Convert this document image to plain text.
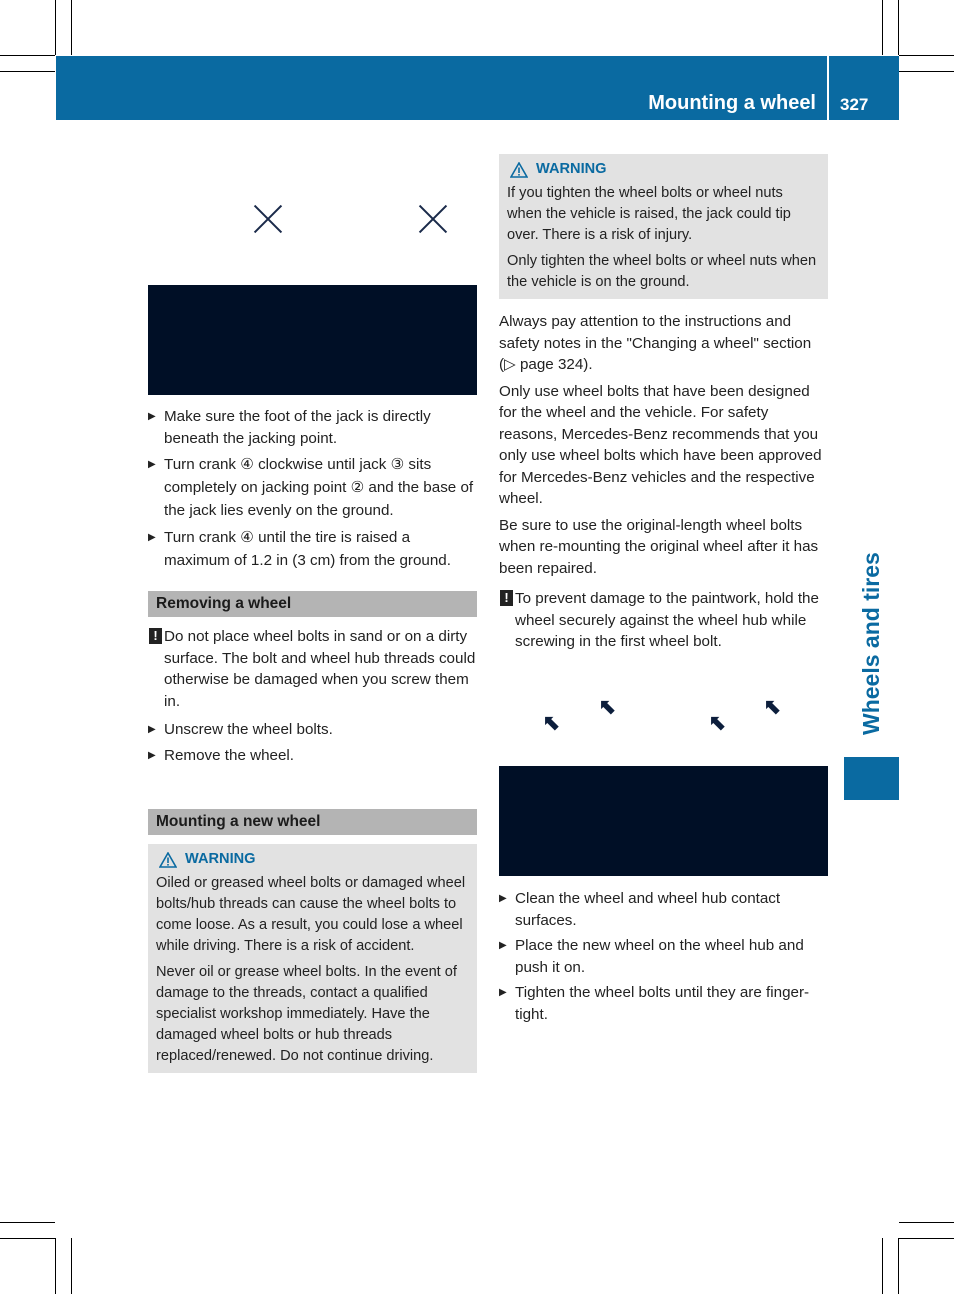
Mounting a wheel 327
Wheels and tires
▶ Make sure the foot of the jack is directly beneath the jacking point.
▶ Turn crank ④ clockwise until jack ③ sits completely on jacking point ② and the base of the jack lies evenly on the ground.
▶ Turn crank ④ until the tire is raised a maximum of 1.2 in (3 cm) from the ground.
Removing a wheel
! Do not place wheel bolts in sand or on a dirty surface. The bolt and wheel hub threads could otherwise be damaged when you screw them in.
▶ Unscrew the wheel bolts.
▶ Remove the wheel.
Mounting a new wheel
WARNING

Oiled or greased wheel bolts or damaged wheel bolts/hub threads can cause the wheel bolts to come loose. As a result, you could lose a wheel while driving. There is a risk of accident.

Never oil or grease wheel bolts. In the event of damage to the threads, contact a qualified specialist workshop immediately. Have the damaged wheel bolts or hub threads replaced/renewed. Do not continue driving.

WARNING

If you tighten the wheel bolts or wheel nuts when the vehicle is raised, the jack could tip over. There is a risk of injury.

Only tighten the wheel bolts or wheel nuts when the vehicle is on the ground.

Always pay attention to the instructions and safety notes in the "Changing a wheel" section (▷ page 324).

Only use wheel bolts that have been designed for the wheel and the vehicle. For safety reasons, Mercedes-Benz recommends that you only use wheel bolts which have been approved for Mercedes-Benz vehicles and the respective wheel.

Be sure to use the original-length wheel bolts when re-mounting the original wheel after it has been repaired.

! To prevent damage to the paintwork, hold the wheel securely against the wheel hub while screwing in the first wheel bolt.
⬉
⬉
⬉
⬉
▶ Clean the wheel and wheel hub contact surfaces.
▶ Place the new wheel on the wheel hub and push it on.
▶ Tighten the wheel bolts until they are finger-tight.
